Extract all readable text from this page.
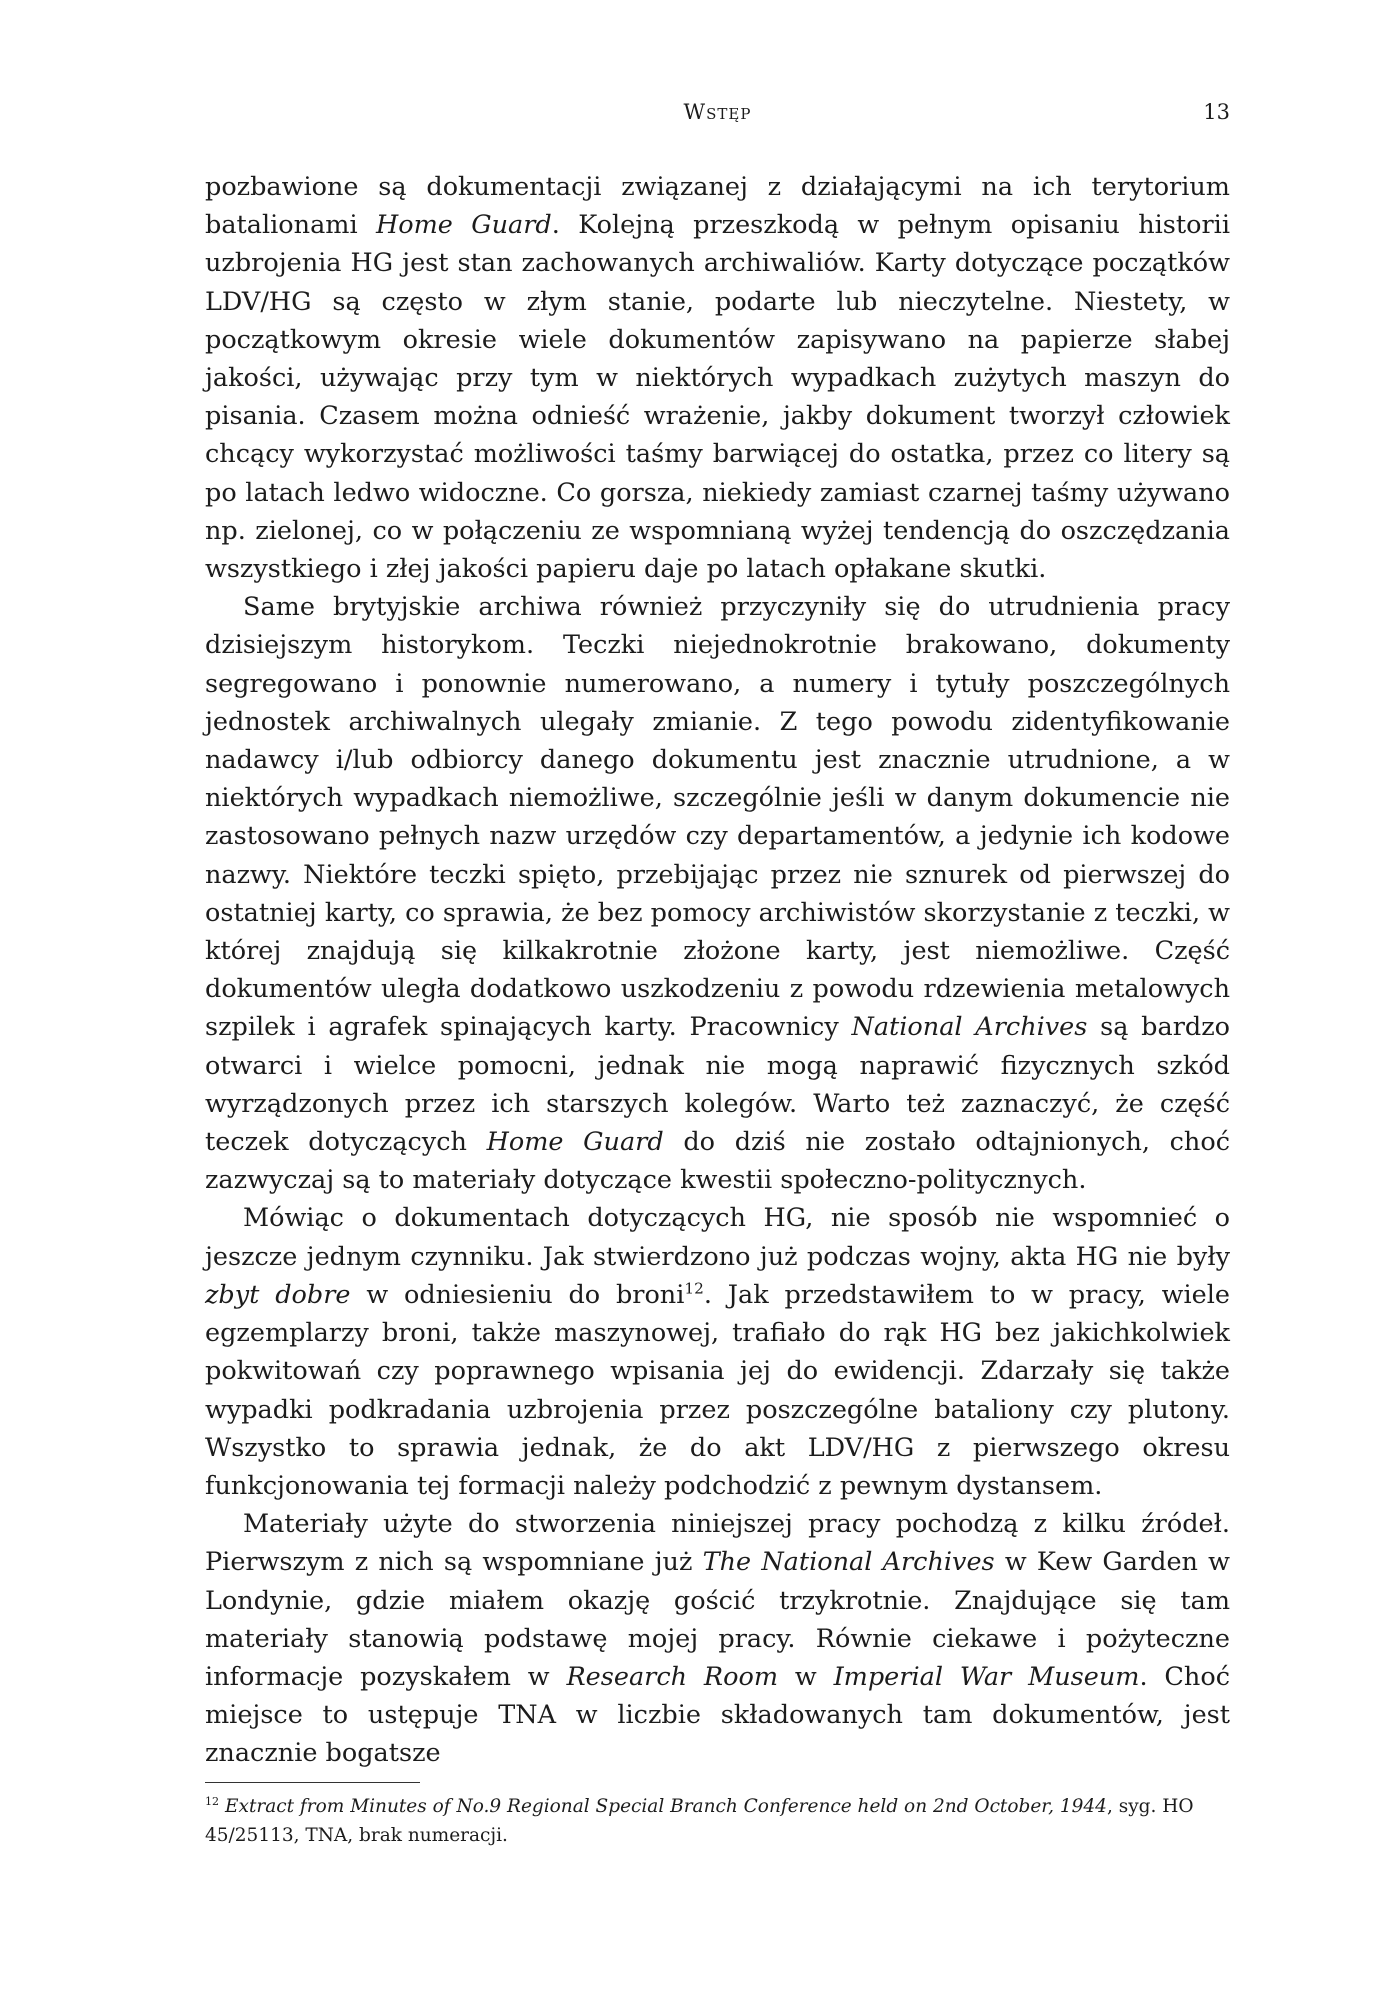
Wstęp	13

pozbawione są dokumentacji związanej z działającymi na ich terytorium batalionami Home Guard. Kolejną przeszkodą w pełnym opisaniu historii uzbrojenia HG jest stan zachowanych archiwaliów. Karty dotyczące początków LDV/HG są często w złym stanie, podarte lub nieczytelne. Niestety, w początkowym okresie wiele dokumentów zapisywano na papierze słabej jakości, używając przy tym w niektórych wypadkach zużytych maszyn do pisania. Czasem można odnieść wrażenie, jakby dokument tworzył człowiek chcący wykorzystać możliwości taśmy barwiącej do ostatka, przez co litery są po latach ledwo widoczne. Co gorsza, niekiedy zamiast czarnej taśmy używano np. zielonej, co w połączeniu ze wspomnianą wyżej tendencją do oszczędzania wszystkiego i złej jakości papieru daje po latach opłakane skutki.

Same brytyjskie archiwa również przyczyniły się do utrudnienia pracy dzisiejszym historykom. Teczki niejednokrotnie brakowano, dokumenty segregowano i ponownie numerowano, a numery i tytuły poszczególnych jednostek archiwalnych ulegały zmianie. Z tego powodu zidentyfikowanie nadawcy i/lub odbiorcy danego dokumentu jest znacznie utrudnione, a w niektórych wypadkach niemożliwe, szczególnie jeśli w danym dokumencie nie zastosowano pełnych nazw urzędów czy departamentów, a jedynie ich kodowe nazwy. Niektóre teczki spięto, przebijając przez nie sznurek od pierwszej do ostatniej karty, co sprawia, że bez pomocy archiwistów skorzystanie z teczki, w której znajdują się kilkakrotnie złożone karty, jest niemożliwe. Część dokumentów uległa dodatkowo uszkodzeniu z powodu rdzewienia metalowych szpilek i agrafek spinających karty. Pracownicy National Archives są bardzo otwarci i wielce pomocni, jednak nie mogą naprawić fizycznych szkód wyrządzonych przez ich starszych kolegów. Warto też zaznaczyć, że część teczek dotyczących Home Guard do dziś nie zostało odtajnionych, choć zazwyczaj są to materiały dotyczące kwestii społeczno-politycznych.

Mówiąc o dokumentach dotyczących HG, nie sposób nie wspomnieć o jeszcze jednym czynniku. Jak stwierdzono już podczas wojny, akta HG nie były zbyt dobre w odniesieniu do broni$^{12}$. Jak przedstawiłem to w pracy, wiele egzemplarzy broni, także maszynowej, trafiało do rąk HG bez jakichkolwiek pokwitowań czy poprawnego wpisania jej do ewidencji. Zdarzały się także wypadki podkradania uzbrojenia przez poszczególne bataliony czy plutony. Wszystko to sprawia jednak, że do akt LDV/HG z pierwszego okresu funkcjonowania tej formacji należy podchodzić z pewnym dystansem.

Materiały użyte do stworzenia niniejszej pracy pochodzą z kilku źródeł. Pierwszym z nich są wspomniane już The National Archives w Kew Garden w Londynie, gdzie miałem okazję gościć trzykrotnie. Znajdujące się tam materiały stanowią podstawę mojej pracy. Równie ciekawe i pożyteczne informacje pozyskałem w Research Room w Imperial War Museum. Choć miejsce to ustępuje TNA w liczbie składowanych tam dokumentów, jest znacznie bogatsze

$^{12}$ Extract from Minutes of No.9 Regional Special Branch Conference held on 2nd October, 1944, syg. HO 45/25113, TNA, brak numeracji.
